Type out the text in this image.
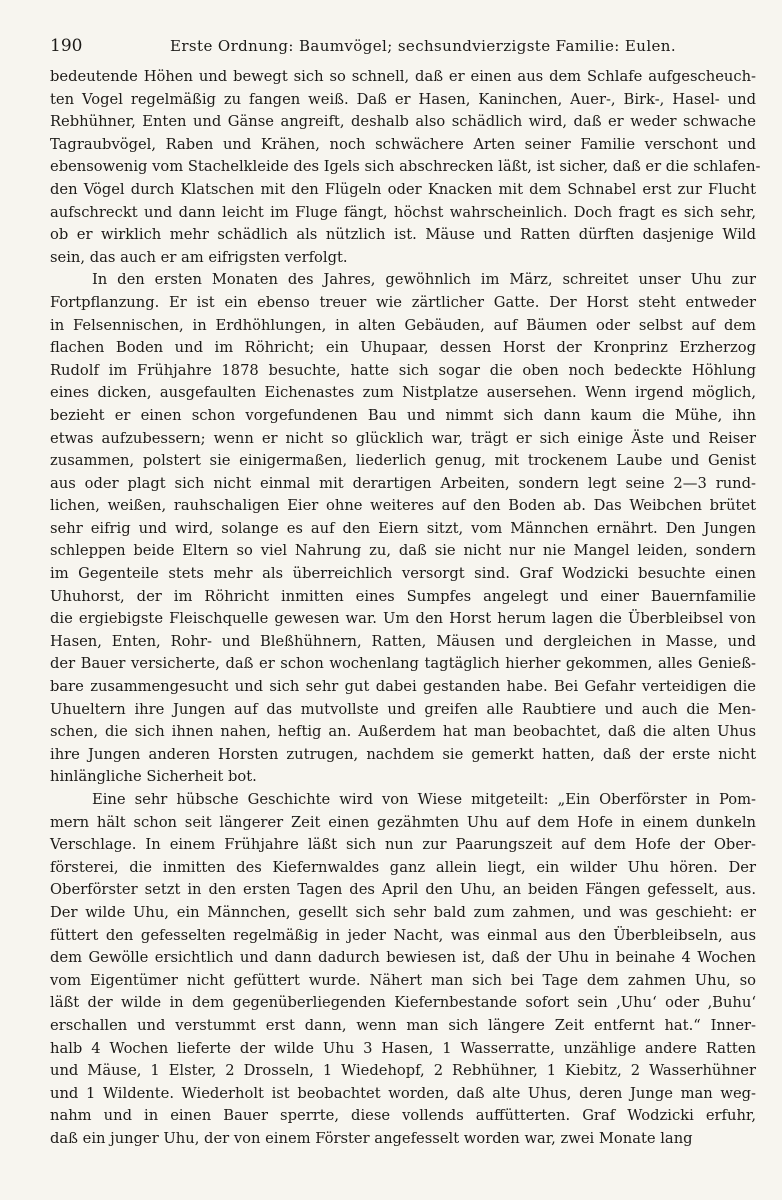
190	Erste Ordnung: Baumvögel; sechsundvierzigste Familie: Eulen.

bedeutende Höhen und bewegt sich so schnell, daß er einen aus dem Schlafe aufgescheuch-

ten Vogel regelmäßig zu fangen weiß. Daß er Hasen, Kaninchen, Auer-, Birk-, Hasel- und

Rebhühner, Enten und Gänse angreift, deshalb also schädlich wird, daß er weder schwache

Tagraubvögel, Raben und Krähen, noch schwächere Arten seiner Familie verschont und

ebensowenig vom Stachelkleide des Igels sich abschrecken läßt, ist sicher, daß er die schlafen-

den Vögel durch Klatschen mit den Flügeln oder Knacken mit dem Schnabel erst zur Flucht

aufschreckt und dann leicht im Fluge fängt, höchst wahrscheinlich. Doch fragt es sich sehr,

ob er wirklich mehr schädlich als nützlich ist. Mäuse und Ratten dürften dasjenige Wild

sein, das auch er am eifrigsten verfolgt.

In den ersten Monaten des Jahres, gewöhnlich im März, schreitet unser Uhu zur

Fortpflanzung. Er ist ein ebenso treuer wie zärtlicher Gatte. Der Horst steht entweder

in Felsennischen, in Erdhöhlungen, in alten Gebäuden, auf Bäumen oder selbst auf dem

flachen Boden und im Röhricht; ein Uhupaar, dessen Horst der Kronprinz Erzherzog

Rudolf im Frühjahre 1878 besuchte, hatte sich sogar die oben noch bedeckte Höhlung

eines dicken, ausgefaulten Eichenastes zum Nistplatze ausersehen. Wenn irgend möglich,

bezieht er einen schon vorgefundenen Bau und nimmt sich dann kaum die Mühe, ihn

etwas aufzubessern; wenn er nicht so glücklich war, trägt er sich einige Äste und Reiser

zusammen, polstert sie einigermaßen, liederlich genug, mit trockenem Laube und Genist

aus oder plagt sich nicht einmal mit derartigen Arbeiten, sondern legt seine 2—3 rund-

lichen, weißen, rauhschaligen Eier ohne weiteres auf den Boden ab. Das Weibchen brütet

sehr eifrig und wird, solange es auf den Eiern sitzt, vom Männchen ernährt. Den Jungen

schleppen beide Eltern so viel Nahrung zu, daß sie nicht nur nie Mangel leiden, sondern

im Gegenteile stets mehr als überreichlich versorgt sind. Graf Wodzicki besuchte einen

Uhuhorst, der im Röhricht inmitten eines Sumpfes angelegt und einer Bauernfamilie

die ergiebigste Fleischquelle gewesen war. Um den Horst herum lagen die Überbleibsel von

Hasen, Enten, Rohr- und Bleßhühnern, Ratten, Mäusen und dergleichen in Masse, und

der Bauer versicherte, daß er schon wochenlang tagtäglich hierher gekommen, alles Genieß-

bare zusammengesucht und sich sehr gut dabei gestanden habe. Bei Gefahr verteidigen die

Uhueltern ihre Jungen auf das mutvollste und greifen alle Raubtiere und auch die Men-

schen, die sich ihnen nahen, heftig an. Außerdem hat man beobachtet, daß die alten Uhus

ihre Jungen anderen Horsten zutrugen, nachdem sie gemerkt hatten, daß der erste nicht

hinlängliche Sicherheit bot.

Eine sehr hübsche Geschichte wird von Wiese mitgeteilt: „Ein Oberförster in Pom-

mern hält schon seit längerer Zeit einen gezähmten Uhu auf dem Hofe in einem dunkeln

Verschlage. In einem Frühjahre läßt sich nun zur Paarungszeit auf dem Hofe der Ober-

försterei, die inmitten des Kiefernwaldes ganz allein liegt, ein wilder Uhu hören. Der

Oberförster setzt in den ersten Tagen des April den Uhu, an beiden Fängen gefesselt, aus.

Der wilde Uhu, ein Männchen, gesellt sich sehr bald zum zahmen, und was geschieht: er

füttert den gefesselten regelmäßig in jeder Nacht, was einmal aus den Überbleibseln, aus

dem Gewölle ersichtlich und dann dadurch bewiesen ist, daß der Uhu in beinahe 4 Wochen

vom Eigentümer nicht gefüttert wurde. Nähert man sich bei Tage dem zahmen Uhu, so

läßt der wilde in dem gegenüberliegenden Kiefernbestande sofort sein ‚Uhu‘ oder ‚Buhu‘

erschallen und verstummt erst dann, wenn man sich längere Zeit entfernt hat.“ Inner-

halb 4 Wochen lieferte der wilde Uhu 3 Hasen, 1 Wasserratte, unzählige andere Ratten

und Mäuse, 1 Elster, 2 Drosseln, 1 Wiedehopf, 2 Rebhühner, 1 Kiebitz, 2 Wasserhühner

und 1 Wildente. Wiederholt ist beobachtet worden, daß alte Uhus, deren Junge man weg-

nahm und in einen Bauer sperrte, diese vollends auffütterten. Graf Wodzicki erfuhr,

daß ein junger Uhu, der von einem Förster angefesselt worden war, zwei Monate lang
